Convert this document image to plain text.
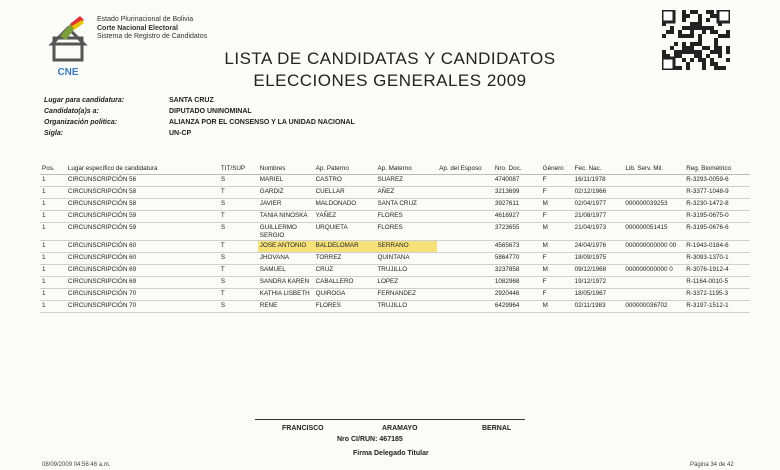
CNE
Estado Plurinacional de Bolivia
Corte Nacional Electoral
Sistema de Registro de Candidatos
LISTA DE CANDIDATAS Y CANDIDATOS
ELECCIONES GENERALES 2009
Lugar para candidatura:	SANTA CRUZ
Candidato(a)s a:	DIPUTADO UNINOMINAL
Organización política:	ALIANZA POR EL CONSENSO Y LA UNIDAD NACIONAL
Sigla:	UN-CP
Pos.	Lugar específico de candidatura	TIT/SUP	Nombres	Ap. Paterno	Ap. Materno	Ap. del Esposo	Nro. Doc.	Género	Fec. Nac.	Lib. Serv. Mil.	Reg. Biométrico
1	CIRCUNSCRIPCIÓN 56	S	MARIEL	CASTRO	SUAREZ		4740087	F	16/11/1978		R-3293-0059-6
1	CIRCUNSCRIPCIÓN 58	T	GARDIZ	CUELLAR	AÑEZ		3213699	F	02/12/1966		R-3377-1048-9
1	CIRCUNSCRIPCIÓN 58	S	JAVIER	MALDONADO	SANTA CRUZ		3927611	M	02/04/1977	000000039253	R-3230-1472-8
1	CIRCUNSCRIPCIÓN 59	T	TANIA NINOSKA	YAÑEZ	FLORES		4616927	F	21/08/1977		R-3195-0675-0
1	CIRCUNSCRIPCIÓN 59	S	GUILLERMO SERGIO	URQUIETA	FLORES		3723655	M	21/04/1973	000000051415	R-3195-0676-6
1	CIRCUNSCRIPCIÓN 60	T	JOSE ANTONIO	BALDELOMAR	SERRANO		4565673	M	24/04/1976	000000000000 00	R-1943-0184-6
1	CIRCUNSCRIPCIÓN 60	S	JHOVANA	TORREZ	QUINTANA		5864770	F	18/09/1975		R-3093-1370-1
1	CIRCUNSCRIPCIÓN 69	T	SAMUEL	CRUZ	TRUJILLO		3237858	M	09/12/1968	000000000000 0	R-3076-1912-4
1	CIRCUNSCRIPCIÓN 69	S	SANDRA KAREN	CABALLERO	LOPEZ		1082968	F	19/12/1972		R-1164-0010-5
1	CIRCUNSCRIPCIÓN 70	T	KATHIA LISBETH	QUIROGA	FERNANDEZ		2920446	F	18/05/1967		R-3372-1195-3
1	CIRCUNSCRIPCIÓN 70	S	RENE	FLORES	TRUJILLO		6429964	M	02/11/1983	000000036702	R-3197-1512-1
FRANCISCO	ARAMAYO	BERNAL
Nro CI/RUN: 467185
Firma Delegado Titular
08/09/2009 04:56:46 a.m.	Página 34 de 42
